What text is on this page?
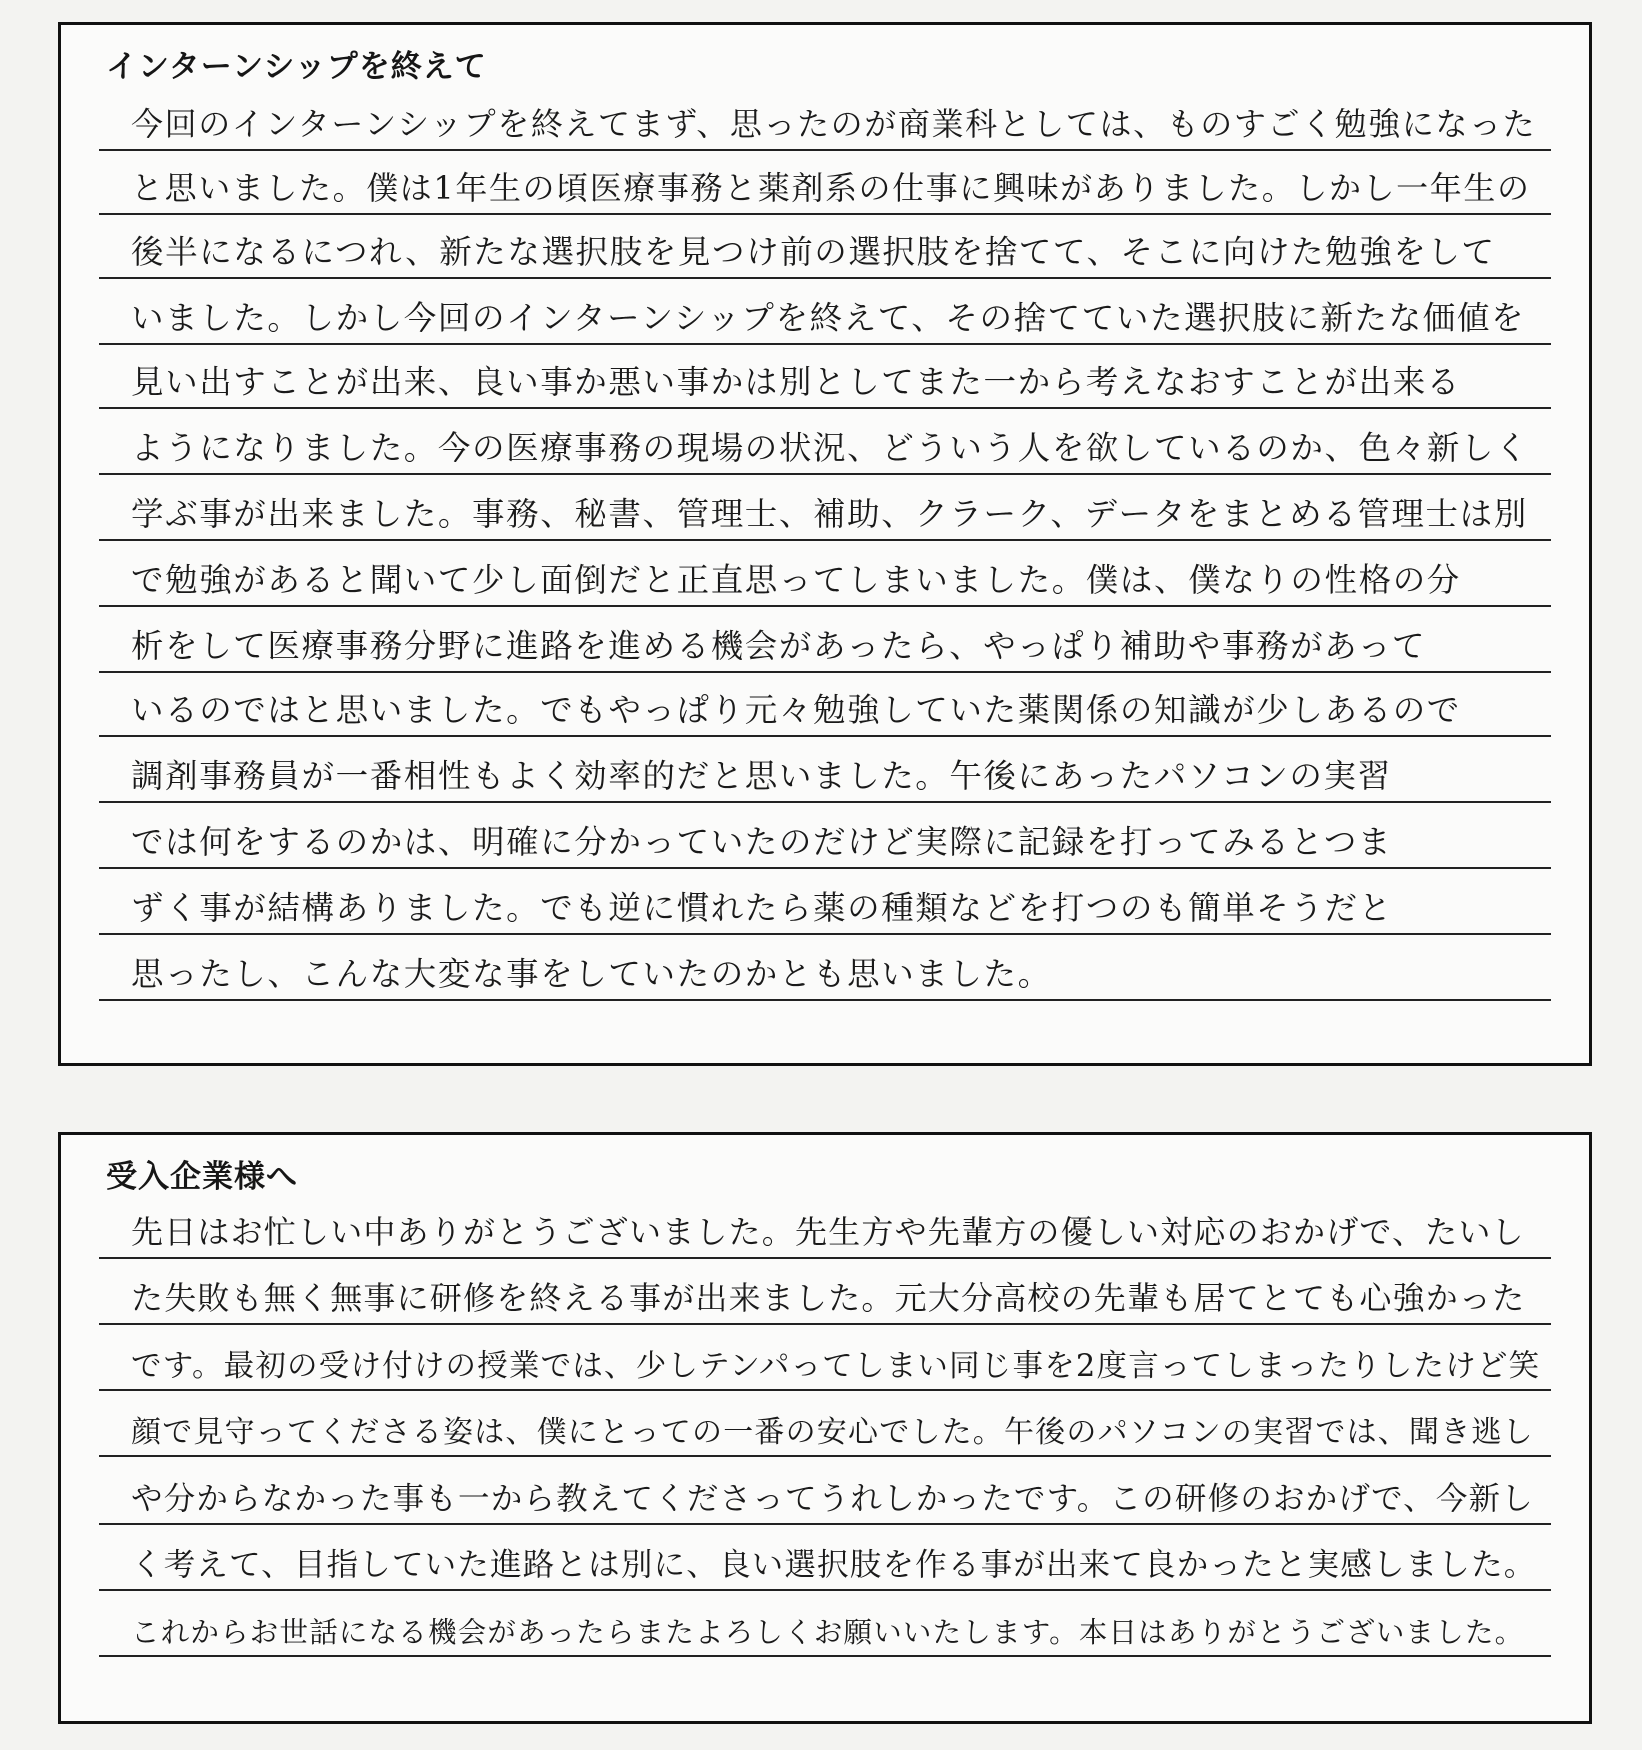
インターンシップを終えて
今回のインターンシップを終えてまず、思ったのが商業科としては、ものすごく勉強になった
と思いました。僕は1年生の頃医療事務と薬剤系の仕事に興味がありました。しかし一年生の
後半になるにつれ、新たな選択肢を見つけ前の選択肢を捨てて、そこに向けた勉強をして
いました。しかし今回のインターンシップを終えて、その捨てていた選択肢に新たな価値を
見い出すことが出来、良い事か悪い事かは別としてまた一から考えなおすことが出来る
ようになりました。今の医療事務の現場の状況、どういう人を欲しているのか、色々新しく
学ぶ事が出来ました。事務、秘書、管理士、補助、クラーク、データをまとめる管理士は別
で勉強があると聞いて少し面倒だと正直思ってしまいました。僕は、僕なりの性格の分
析をして医療事務分野に進路を進める機会があったら、やっぱり補助や事務があって
いるのではと思いました。でもやっぱり元々勉強していた薬関係の知識が少しあるので
調剤事務員が一番相性もよく効率的だと思いました。午後にあったパソコンの実習
では何をするのかは、明確に分かっていたのだけど実際に記録を打ってみるとつま
ずく事が結構ありました。でも逆に慣れたら薬の種類などを打つのも簡単そうだと
思ったし、こんな大変な事をしていたのかとも思いました。
受入企業様へ
先日はお忙しい中ありがとうございました。先生方や先輩方の優しい対応のおかげで、たいし
た失敗も無く無事に研修を終える事が出来ました。元大分高校の先輩も居てとても心強かった
です。最初の受け付けの授業では、少しテンパってしまい同じ事を2度言ってしまったりしたけど笑
顔で見守ってくださる姿は、僕にとっての一番の安心でした。午後のパソコンの実習では、聞き逃し
や分からなかった事も一から教えてくださってうれしかったです。この研修のおかげで、今新し
く考えて、目指していた進路とは別に、良い選択肢を作る事が出来て良かったと実感しました。
これからお世話になる機会があったらまたよろしくお願いいたします。本日はありがとうございました。
